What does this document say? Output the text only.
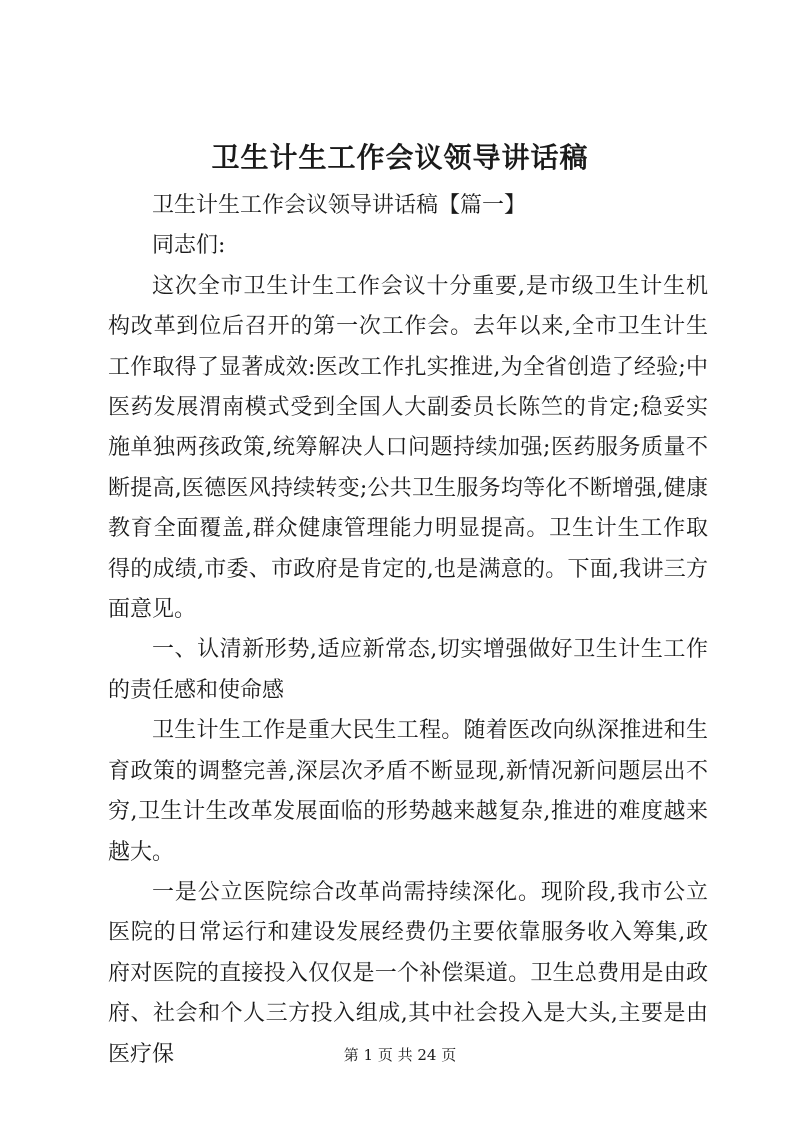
卫生计生工作会议领导讲话稿

卫生计生工作会议领导讲话稿【篇一】

同志们:

这次全市卫生计生工作会议十分重要,是市级卫生计生机构改革到位后召开的第一次工作会。去年以来,全市卫生计生工作取得了显著成效:医改工作扎实推进,为全省创造了经验;中医药发展渭南模式受到全国人大副委员长陈竺的肯定;稳妥实施单独两孩政策,统筹解决人口问题持续加强;医药服务质量不断提高,医德医风持续转变;公共卫生服务均等化不断增强,健康教育全面覆盖,群众健康管理能力明显提高。卫生计生工作取得的成绩,市委、市政府是肯定的,也是满意的。下面,我讲三方面意见。

一、认清新形势,适应新常态,切实增强做好卫生计生工作的责任感和使命感

卫生计生工作是重大民生工程。随着医改向纵深推进和生育政策的调整完善,深层次矛盾不断显现,新情况新问题层出不穷,卫生计生改革发展面临的形势越来越复杂,推进的难度越来越大。

一是公立医院综合改革尚需持续深化。现阶段,我市公立医院的日常运行和建设发展经费仍主要依靠服务收入筹集,政府对医院的直接投入仅仅是一个补偿渠道。卫生总费用是由政府、社会和个人三方投入组成,其中社会投入是大头,主要是由医疗保	第 1 页 共 24 页
